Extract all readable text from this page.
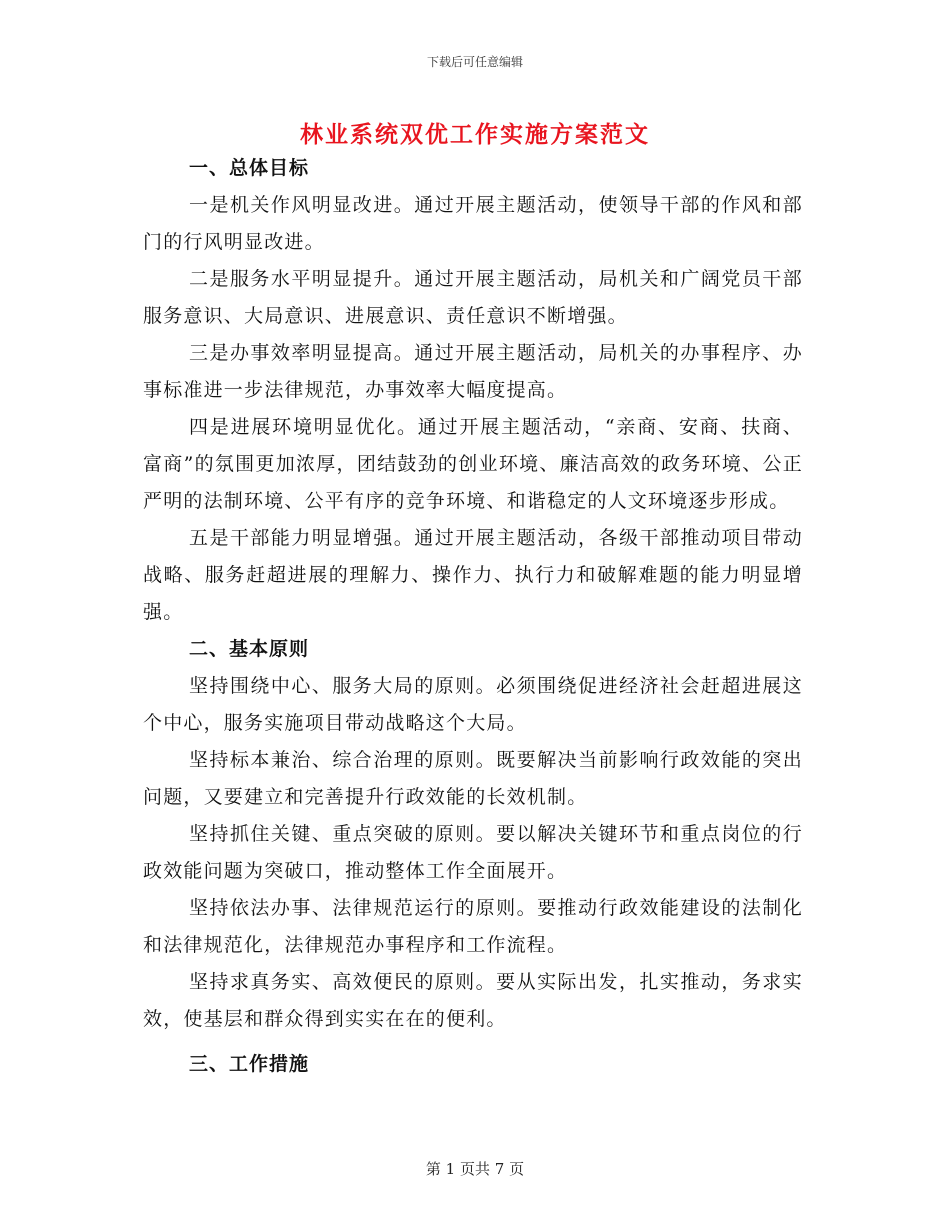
下载后可任意编辑
林业系统双优工作实施方案范文

一、总体目标

一是机关作风明显改进。通过开展主题活动，使领导干部的作风和部门的行风明显改进。

二是服务水平明显提升。通过开展主题活动，局机关和广阔党员干部服务意识、大局意识、进展意识、责任意识不断增强。

三是办事效率明显提高。通过开展主题活动，局机关的办事程序、办事标准进一步法律规范，办事效率大幅度提高。

四是进展环境明显优化。通过开展主题活动，“亲商、安商、扶商、富商”的氛围更加浓厚，团结鼓劲的创业环境、廉洁高效的政务环境、公正严明的法制环境、公平有序的竞争环境、和谐稳定的人文环境逐步形成。

五是干部能力明显增强。通过开展主题活动，各级干部推动项目带动战略、服务赶超进展的理解力、操作力、执行力和破解难题的能力明显增强。

二、基本原则

坚持围绕中心、服务大局的原则。必须围绕促进经济社会赶超进展这个中心，服务实施项目带动战略这个大局。

坚持标本兼治、综合治理的原则。既要解决当前影响行政效能的突出问题，又要建立和完善提升行政效能的长效机制。

坚持抓住关键、重点突破的原则。要以解决关键环节和重点岗位的行政效能问题为突破口，推动整体工作全面展开。

坚持依法办事、法律规范运行的原则。要推动行政效能建设的法制化和法律规范化，法律规范办事程序和工作流程。

坚持求真务实、高效便民的原则。要从实际出发，扎实推动，务求实效，使基层和群众得到实实在在的便利。

三、工作措施

第 1 页共 7 页
